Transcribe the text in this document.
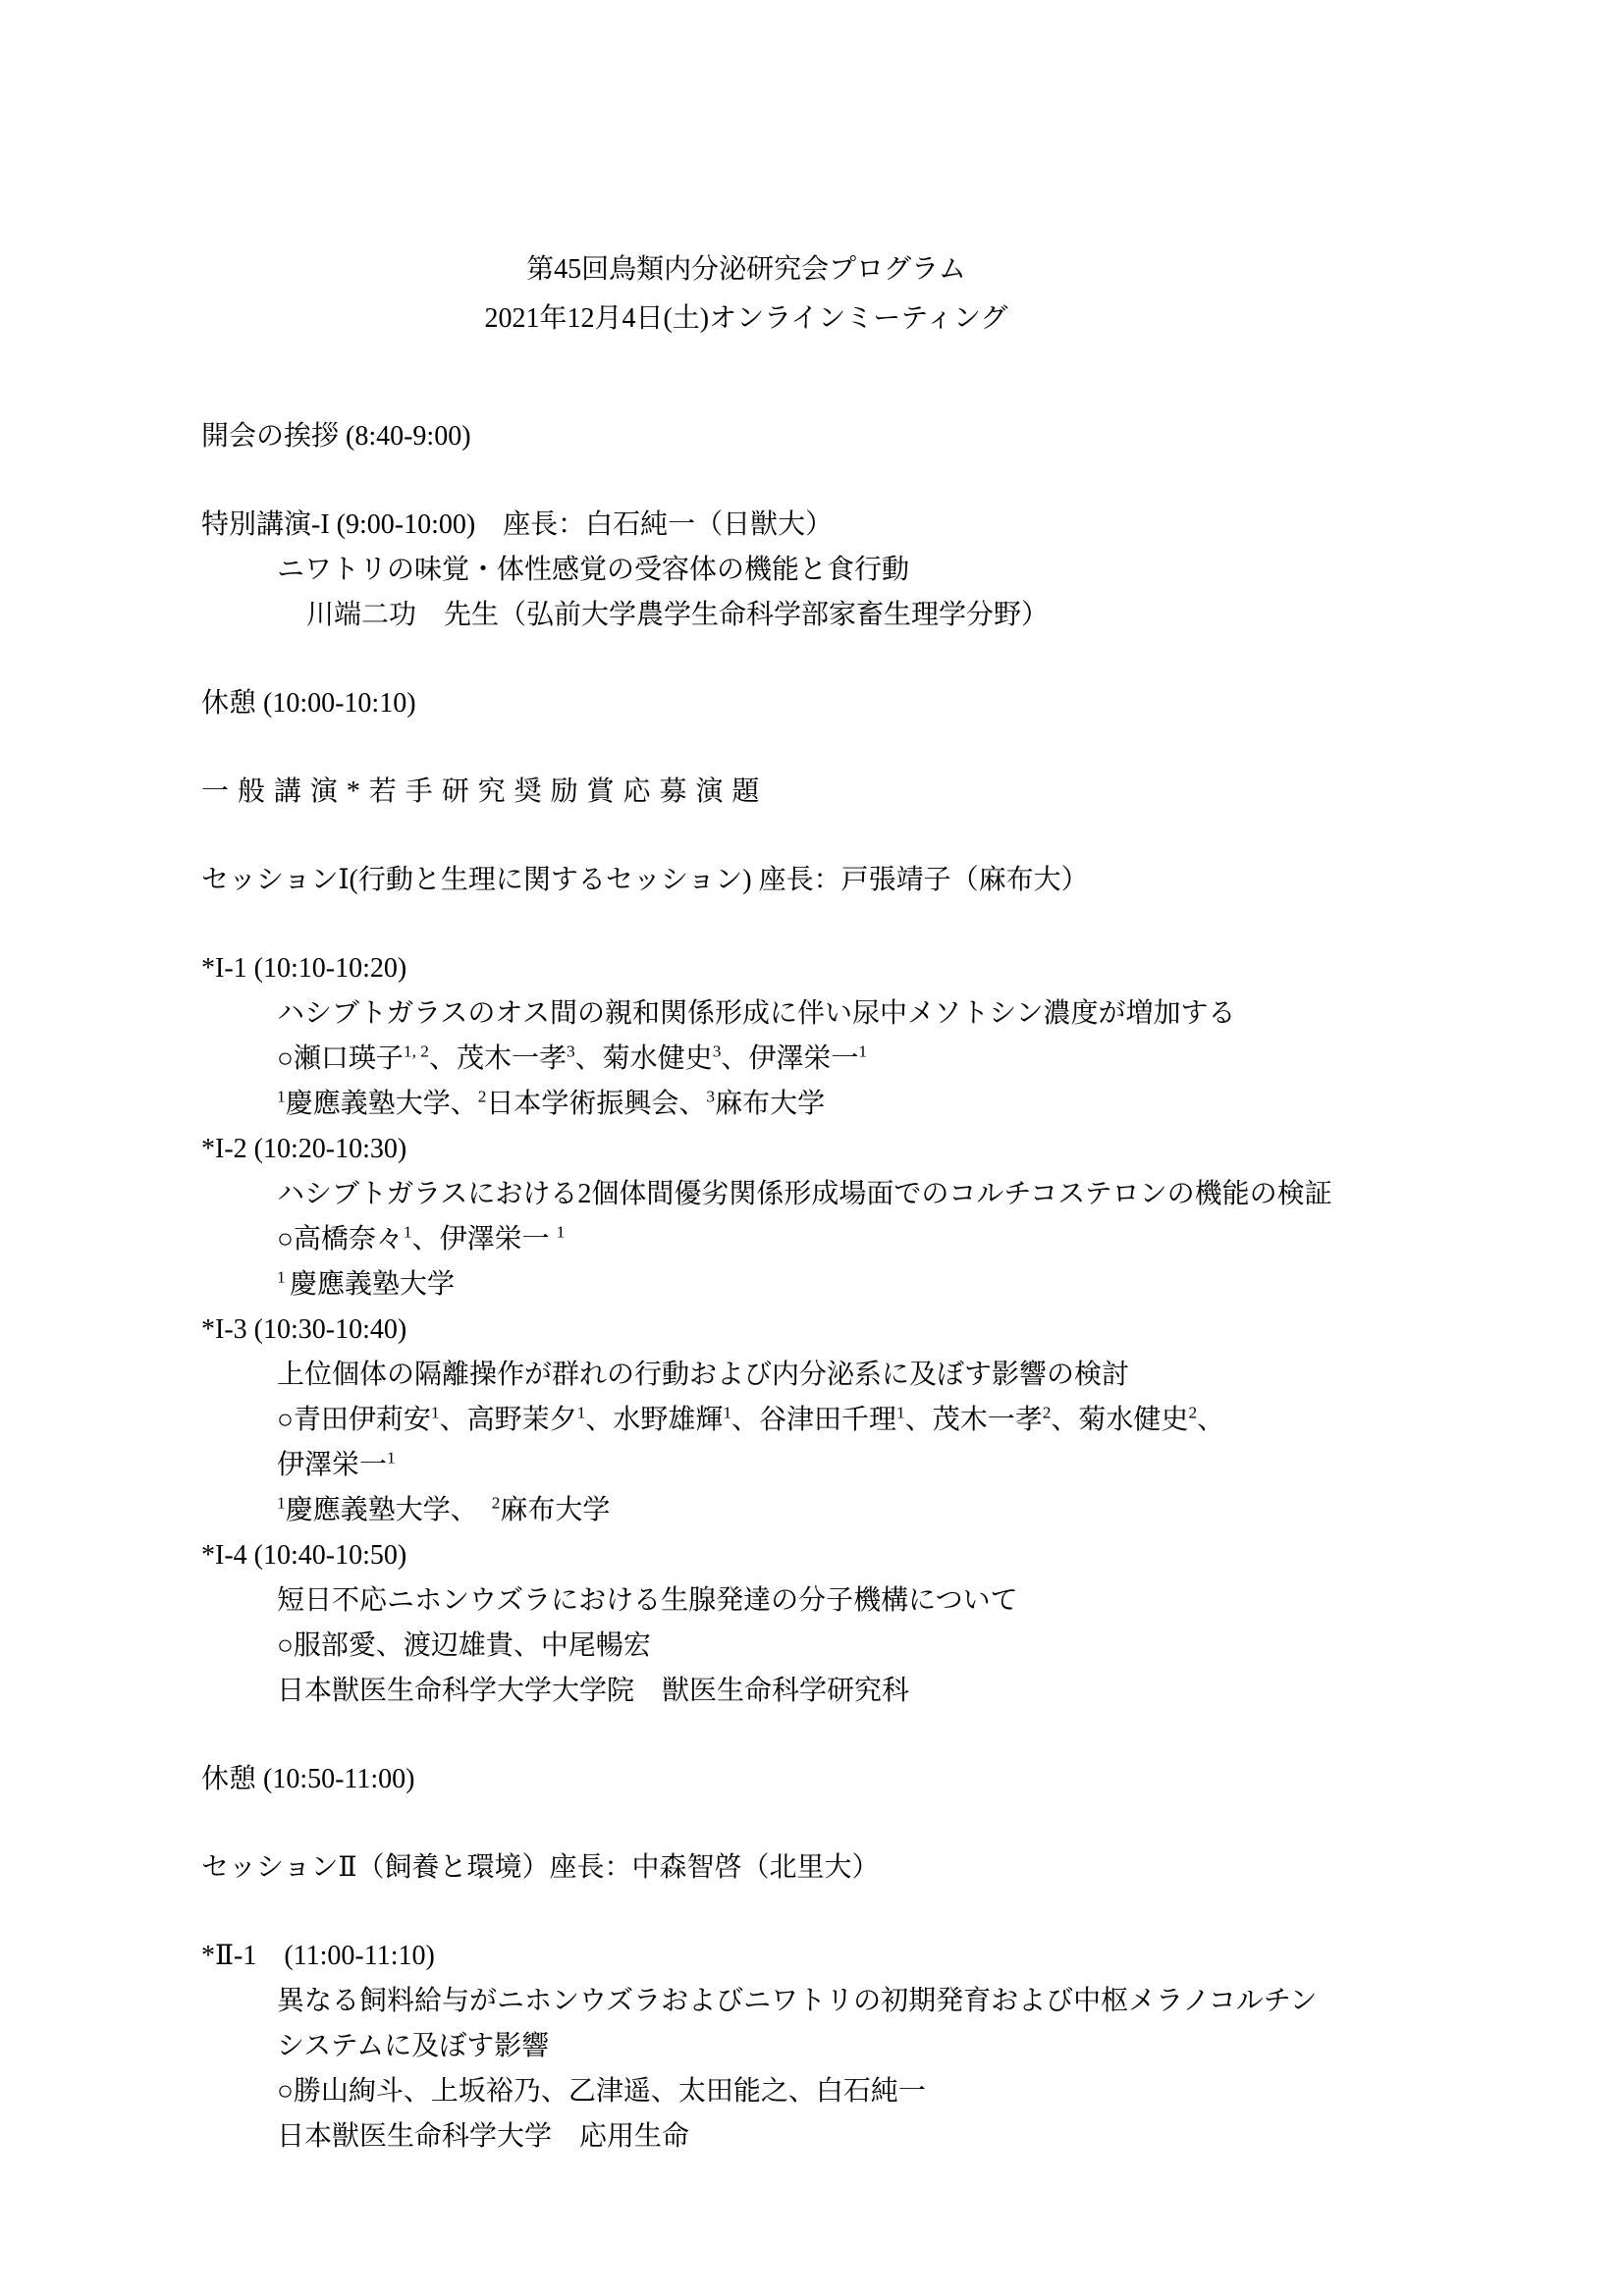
第45回鳥類内分泌研究会プログラム
2021年12月4日(土)オンラインミーティング
開会の挨拶 (8:40-9:00)
特別講演-I (9:00-10:00)　座長：白石純一（日獣大）
ニワトリの味覚・体性感覚の受容体の機能と食行動
川端二功　先生（弘前大学農学生命科学部家畜生理学分野）
休憩 (10:00-10:10)
一般講演*若手研究奨励賞応募演題
セッションⅠ(行動と生理に関するセッション) 座長：戸張靖子（麻布大）
*I-1 (10:10-10:20)
ハシブトガラスのオス間の親和関係形成に伴い尿中メソトシン濃度が増加する
○瀬口瑛子$^{1, 2}$、茂木一孝$^3$、菊水健史$^3$、伊澤栄一$^1$
$^1$慶應義塾大学、$^2$日本学術振興会、$^3$麻布大学
*I-2 (10:20-10:30)
ハシブトガラスにおける2個体間優劣関係形成場面でのコルチコステロンの機能の検証
○高橋奈々$^1$、伊澤栄一 $^1$
$^1$ 慶應義塾大学
*I-3 (10:30-10:40)
上位個体の隔離操作が群れの行動および内分泌系に及ぼす影響の検討
○青田伊莉安$^1$、高野茉夕$^1$、水野雄輝$^1$、谷津田千理$^1$、茂木一孝$^2$、菊水健史$^2$、
伊澤栄一$^1$
$^1$慶應義塾大学、　$^2$麻布大学
*I-4 (10:40-10:50)
短日不応ニホンウズラにおける生腺発達の分子機構について
○服部愛、渡辺雄貴、中尾暢宏
日本獣医生命科学大学大学院　獣医生命科学研究科
休憩 (10:50-11:00)
セッションⅡ（飼養と環境）座長：中森智啓（北里大）
*Ⅱ-1　(11:00-11:10)
異なる飼料給与がニホンウズラおよびニワトリの初期発育および中枢メラノコルチン
システムに及ぼす影響
○勝山絢斗、上坂裕乃、乙津遥、太田能之、白石純一
日本獣医生命科学大学　応用生命
